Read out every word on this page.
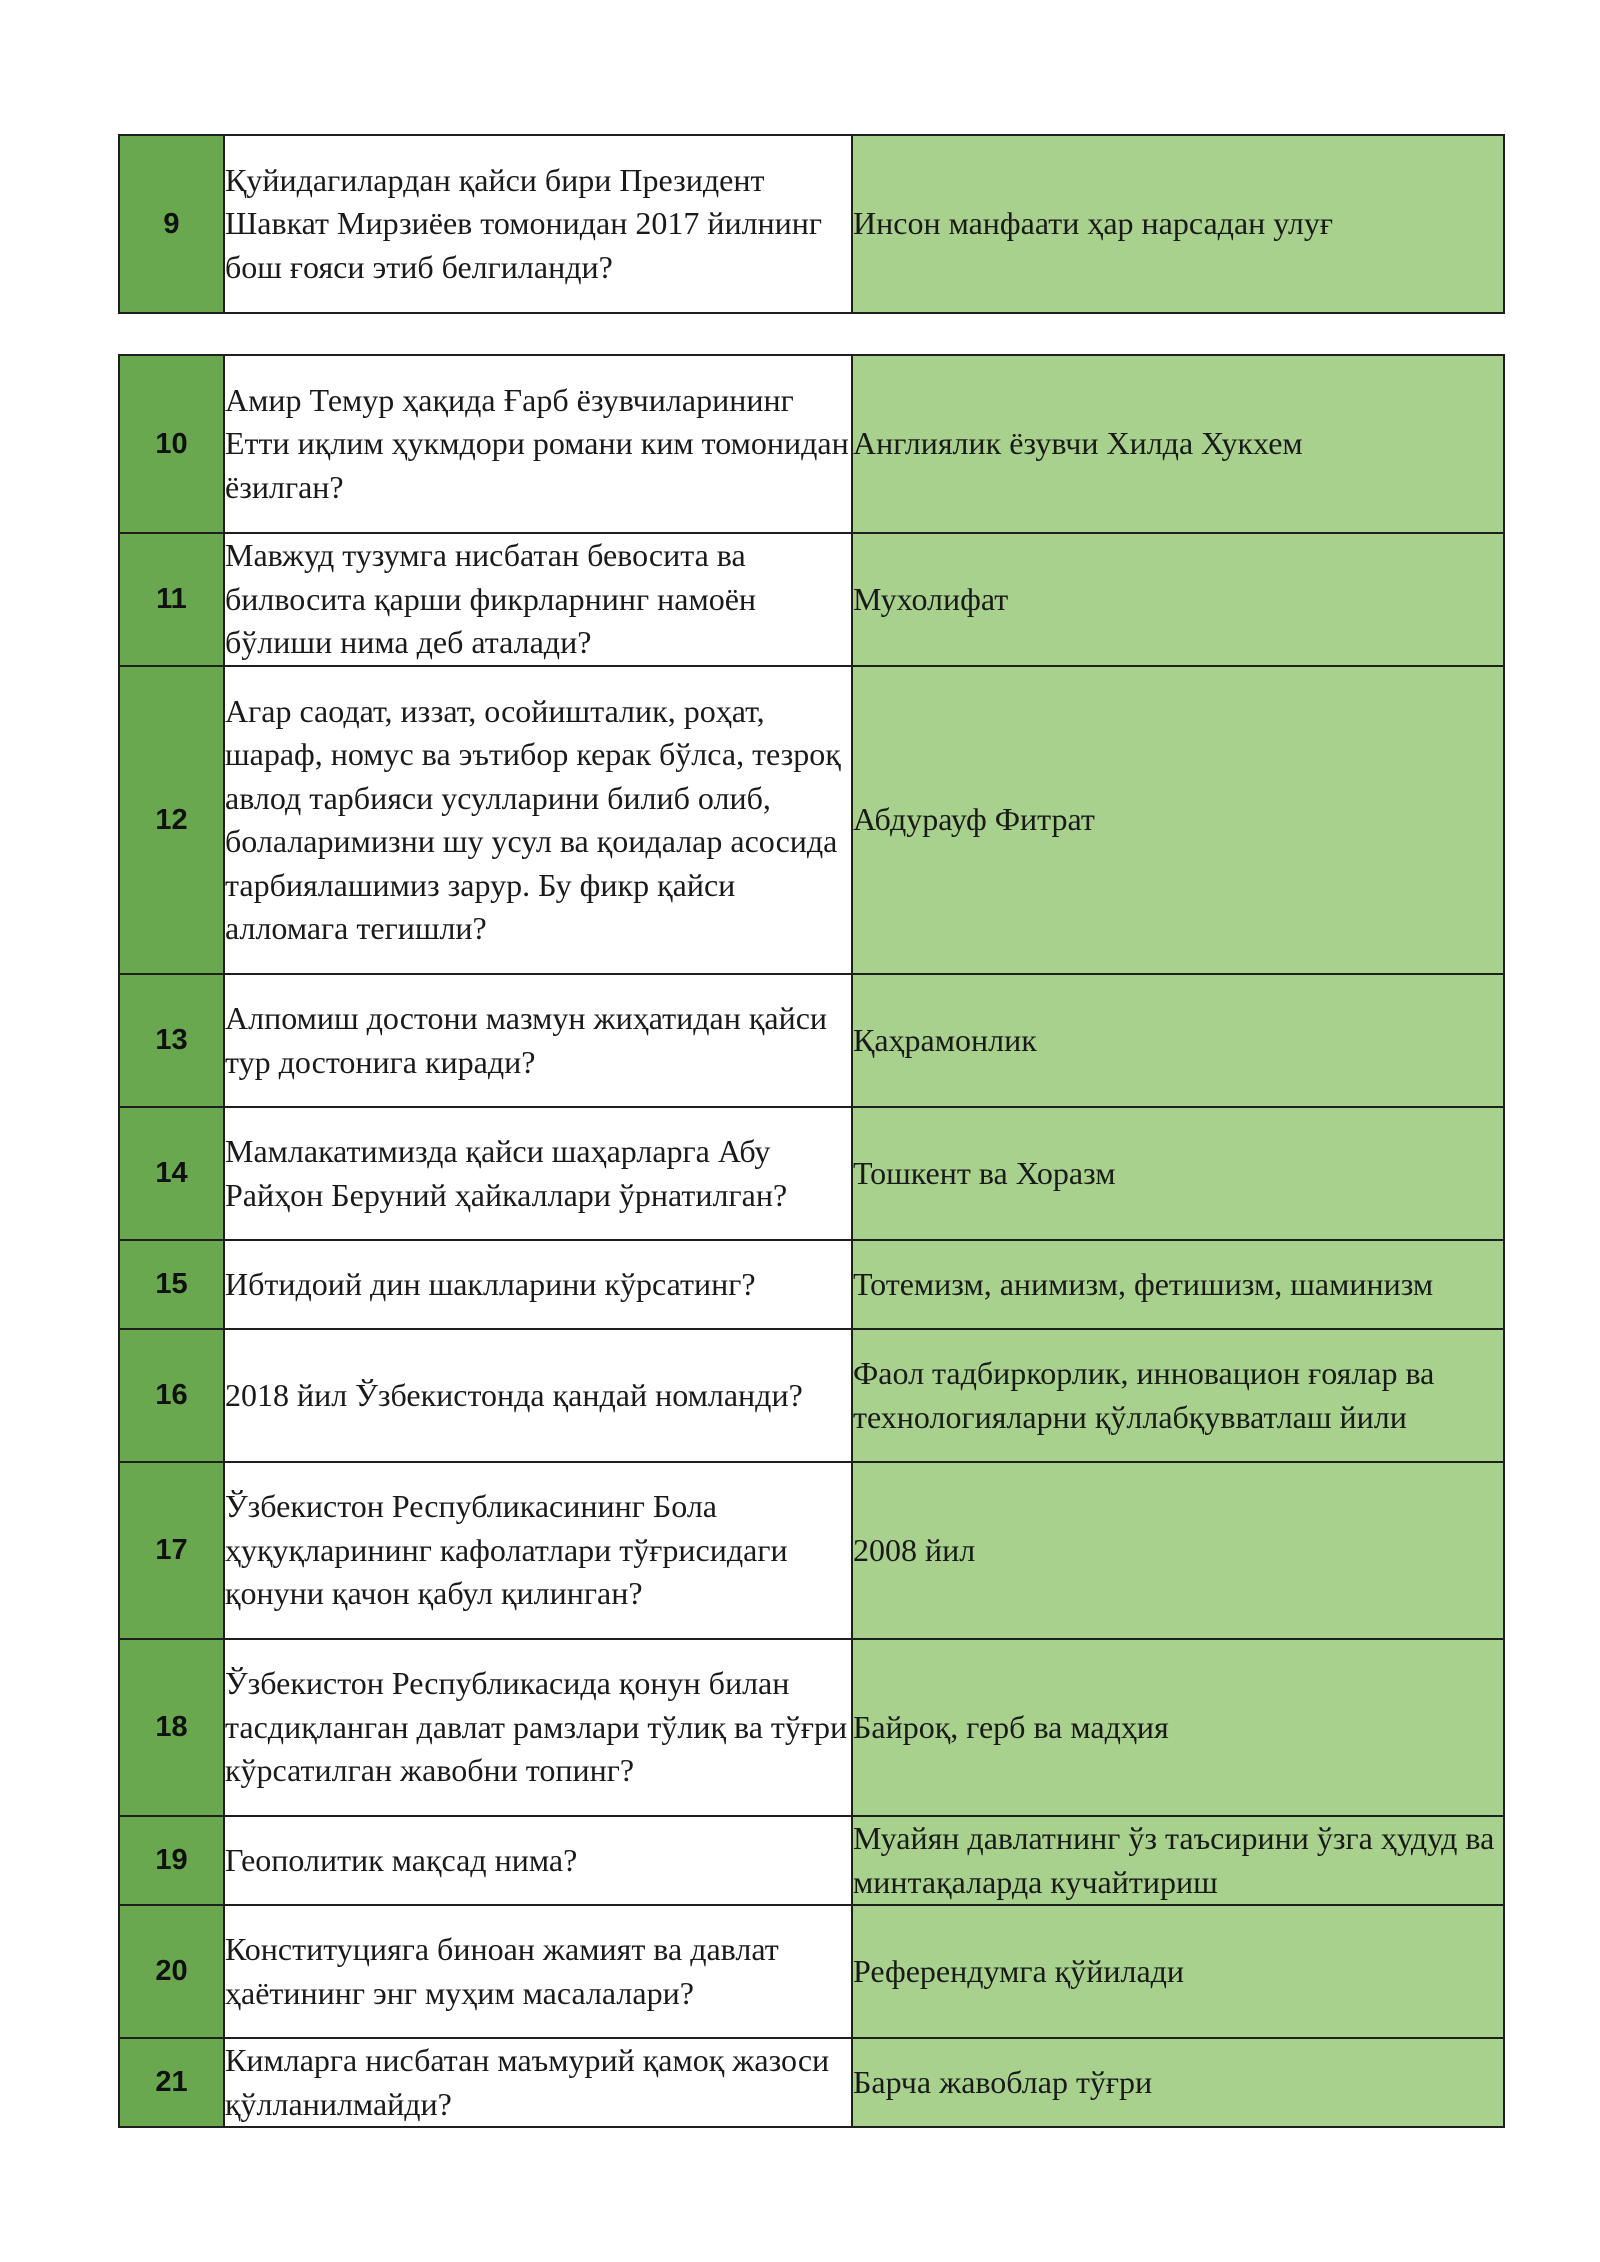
9	Қуйидагилардан қайси бири Президент Шавкат Мирзиёев томонидан 2017 йилнинг бош ғояси этиб белгиланди?	Инсон манфаати ҳар нарсадан улуғ
10	Амир Темур ҳақида Ғарб ёзувчиларининг Етти иқлим ҳукмдори романи ким томонидан ёзилган?	Англиялик ёзувчи Хилда Хукхем
11	Мавжуд тузумга нисбатан бевосита ва билвосита қарши фикрларнинг намоён бўлиши нима деб аталади?	Мухолифат
12	Агар саодат, иззат, осойишталик, роҳат, шараф, номус ва эътибор керак бўлса, тезроқ авлод тарбияси усулларини билиб олиб, болаларимизни шу усул ва қоидалар асосида тарбиялашимиз зарур. Бу фикр қайси алломага тегишли?	Абдурауф Фитрат
13	Алпомиш достони мазмун жиҳатидан қайси тур достонига киради?	Қаҳрамонлик
14	Мамлакатимизда қайси шаҳарларга Абу Райҳон Беруний ҳайкаллари ўрнатилган?	Тошкент ва Хоразм
15	Ибтидоий дин шаклларини кўрсатинг?	Тотемизм, анимизм, фетишизм, шаминизм
16	2018 йил Ўзбекистонда қандай номланди?	Фаол тадбиркорлик, инновацион ғоялар ва технологияларни қўллабқувватлаш йили
17	Ўзбекистон Республикасининг Бола ҳуқуқларининг кафолатлари тўғрисидаги қонуни қачон қабул қилинган?	2008 йил
18	Ўзбекистон Республикасида қонун билан тасдиқланган давлат рамзлари тўлиқ ва тўғри кўрсатилган жавобни топинг?	Байроқ, герб ва мадҳия
19	Геополитик мақсад нима?	Муайян давлатнинг ўз таъсирини ўзга ҳудуд ва минтақаларда кучайтириш
20	Конституцияга биноан жамият ва давлат ҳаётининг энг муҳим масалалари?	Референдумга қўйилади
21	Кимларга нисбатан маъмурий қамоқ жазоси қўлланилмайди?	Барча жавоблар тўғри
